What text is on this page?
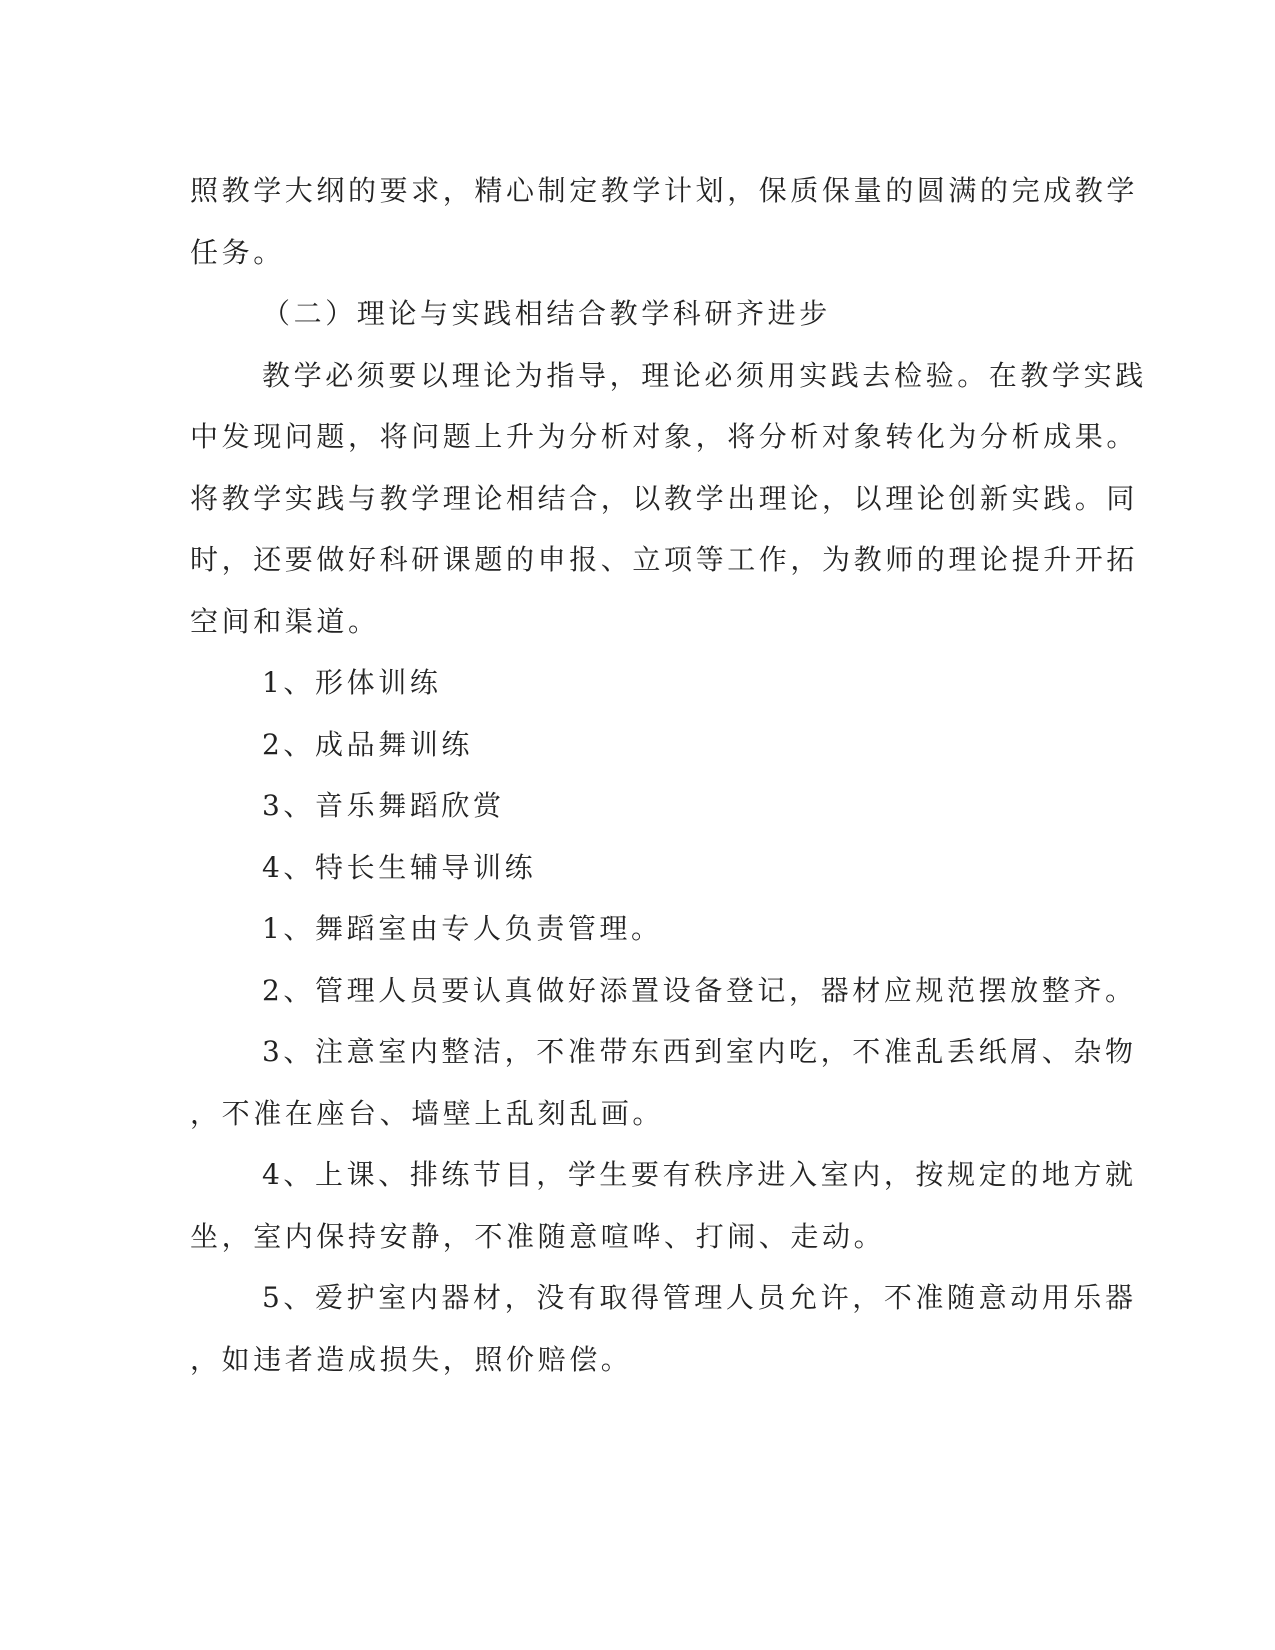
照教学大纲的要求，精心制定教学计划，保质保量的圆满的完成教学
任务。
（二）理论与实践相结合教学科研齐进步
教学必须要以理论为指导，理论必须用实践去检验。在教学实践
中发现问题，将问题上升为分析对象，将分析对象转化为分析成果。
将教学实践与教学理论相结合，以教学出理论，以理论创新实践。同
时，还要做好科研课题的申报、立项等工作，为教师的理论提升开拓
空间和渠道。
1、形体训练
2、成品舞训练
3、音乐舞蹈欣赏
4、特长生辅导训练
1、舞蹈室由专人负责管理。
2、管理人员要认真做好添置设备登记，器材应规范摆放整齐。
3、注意室内整洁，不准带东西到室内吃，不准乱丢纸屑、杂物
，不准在座台、墙壁上乱刻乱画。
4、上课、排练节目，学生要有秩序进入室内，按规定的地方就
坐，室内保持安静，不准随意喧哗、打闹、走动。
5、爱护室内器材，没有取得管理人员允许，不准随意动用乐器
，如违者造成损失，照价赔偿。
